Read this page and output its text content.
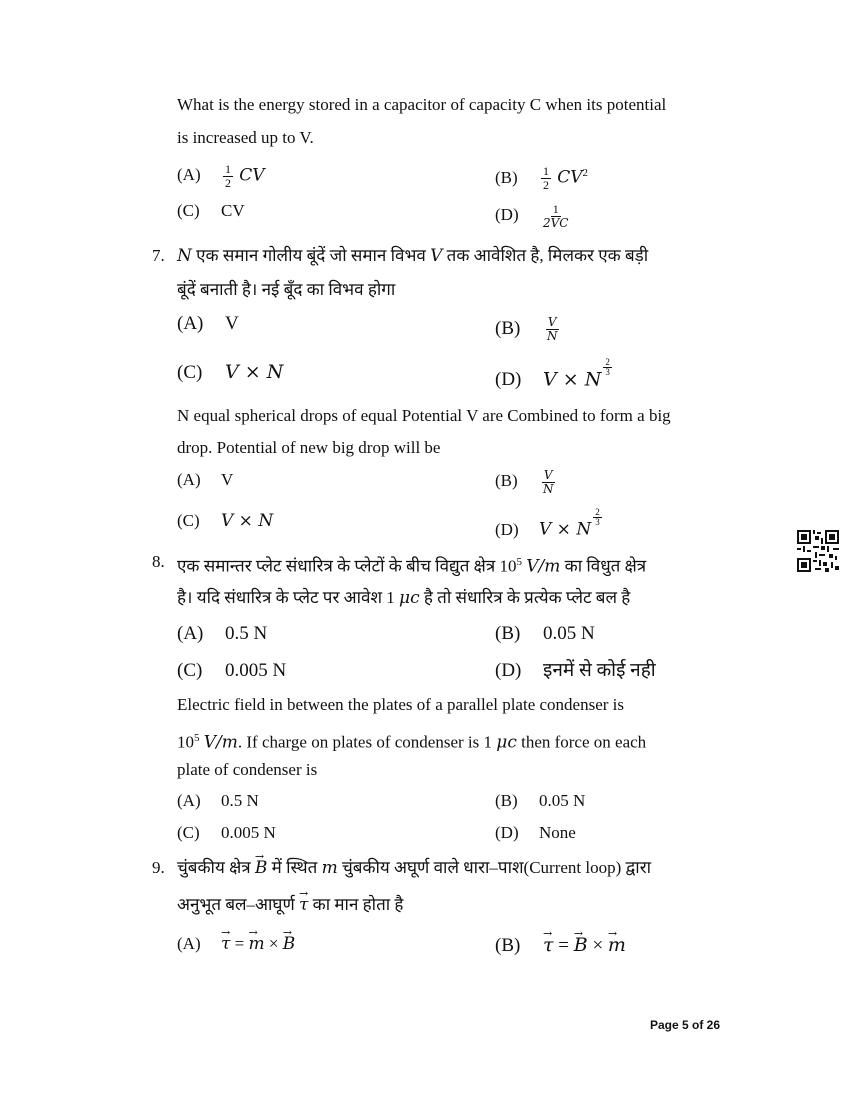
What is the energy stored in a capacitor of capacity C when its potential
is increased up to V.
$(A) \frac{1}{2}$ CV	$(B) \frac{1}{2} CV^2$
(C) CV	$(D) \frac{1}{2VC}$
7. N एक समान गोलीय बूंदें जो समान विभव V तक आवेशित है, मिलकर एक बड़ी
बूंदें बनाती है। नई बूँद का विभव होगा
(A) V	$(B) \frac{V}{N}$
(C) V × N	(D) V × N
$^{\frac{2}{3}}$
N equal spherical drops of equal Potential V are Combined to form a big
drop. Potential of new big drop will be
(A) V	$(B) \frac{V}{N}$
(C) V × N	(D) V × N
$^{\frac{2}{3}}$
8. एक समान्तर प्लेट संधारित्र के प्लेटों के बीच विद्युत क्षेत्र $10^5$ V/m का विधुत क्षेत्र
है। यदि संधारित्र के प्लेट पर आवेश 1 μc है तो संधारित्र के प्रत्येक प्लेट बल है
(A) 0.5 N	(B) 0.05 N
(C) 0.005 N	(D) इनमें से कोई नही
Electric field in between the plates of a parallel plate condenser is
$10^5$ V/m. If charge on plates of condenser is 1 μc then force on each
plate of condenser is
(A) 0.5 N	(B) 0.05 N
(C) 0.005 N	(D) None
9. चुंबकीय क्षेत्र → B में स्थित m चुंबकीय अघूर्ण वाले धारा–पाश(Current loop) द्वारा
अनुभूत बल–आघूर्ण → τ का मान होता है
(A) → τ = → m × → B	(B) → τ = → B × → m
Page 5 of 26
